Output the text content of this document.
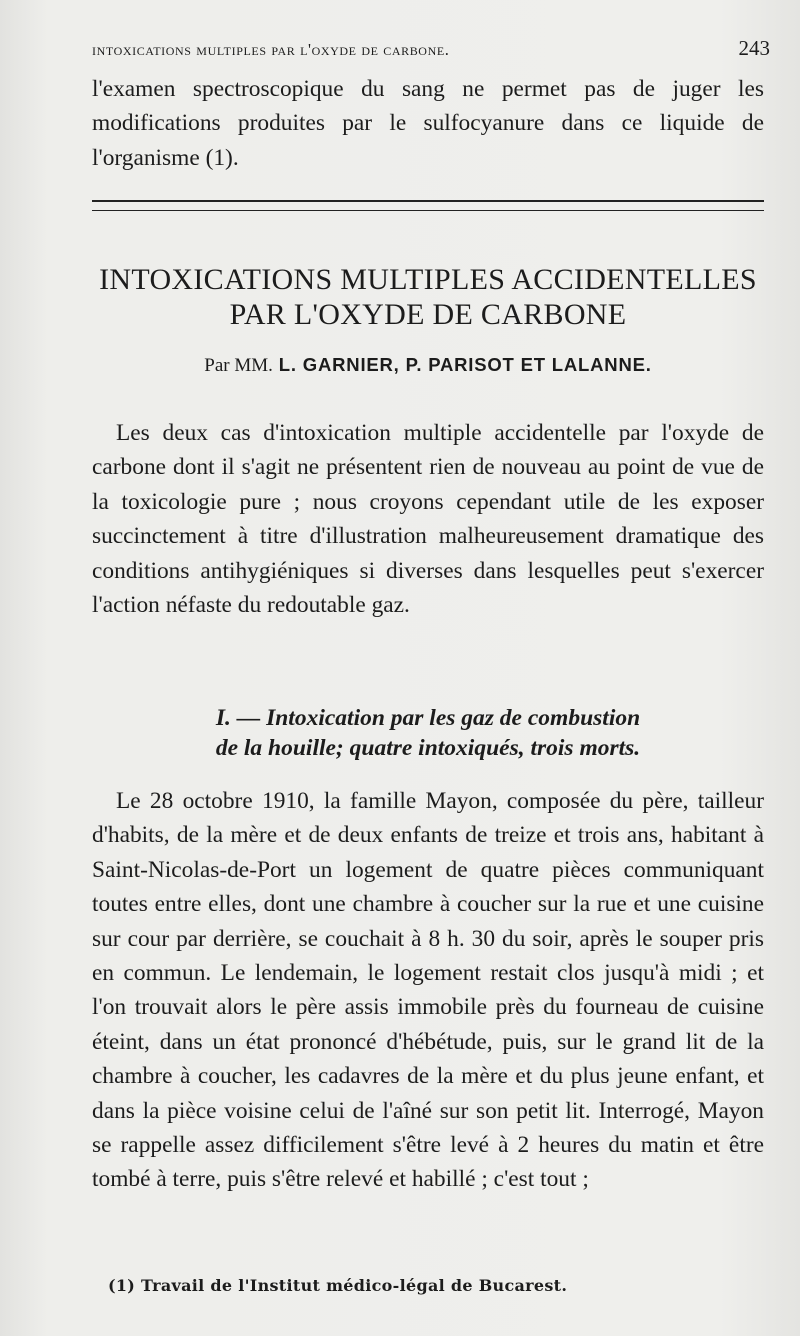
intoxications multiples par l'oxyde de carbone.	243
l'examen spectroscopique du sang ne permet pas de juger les modifications produites par le sulfocyanure dans ce liquide de l'organisme (1).
INTOXICATIONS MULTIPLES ACCIDENTELLES
PAR L'OXYDE DE CARBONE
Par MM. L. GARNIER, P. PARISOT ET LALANNE.
Les deux cas d'intoxication multiple accidentelle par l'oxyde de carbone dont il s'agit ne présentent rien de nouveau au point de vue de la toxicologie pure ; nous croyons cependant utile de les exposer succinctement à titre d'illustration malheureusement dramatique des conditions antihygiéniques si diverses dans lesquelles peut s'exercer l'action néfaste du redoutable gaz.
I. — Intoxication par les gaz de combustion
de la houille; quatre intoxiqués, trois morts.
Le 28 octobre 1910, la famille Mayon, composée du père, tailleur d'habits, de la mère et de deux enfants de treize et trois ans, habitant à Saint-Nicolas-de-Port un logement de quatre pièces communiquant toutes entre elles, dont une chambre à coucher sur la rue et une cuisine sur cour par derrière, se couchait à 8 h. 30 du soir, après le souper pris en commun. Le lendemain, le logement restait clos jusqu'à midi ; et l'on trouvait alors le père assis immobile près du fourneau de cuisine éteint, dans un état prononcé d'hébétude, puis, sur le grand lit de la chambre à coucher, les cadavres de la mère et du plus jeune enfant, et dans la pièce voisine celui de l'aîné sur son petit lit. Interrogé, Mayon se rappelle assez difficilement s'être levé à 2 heures du matin et être tombé à terre, puis s'être relevé et habillé ; c'est tout ;
(1) Travail de l'Institut médico-légal de Bucarest.
